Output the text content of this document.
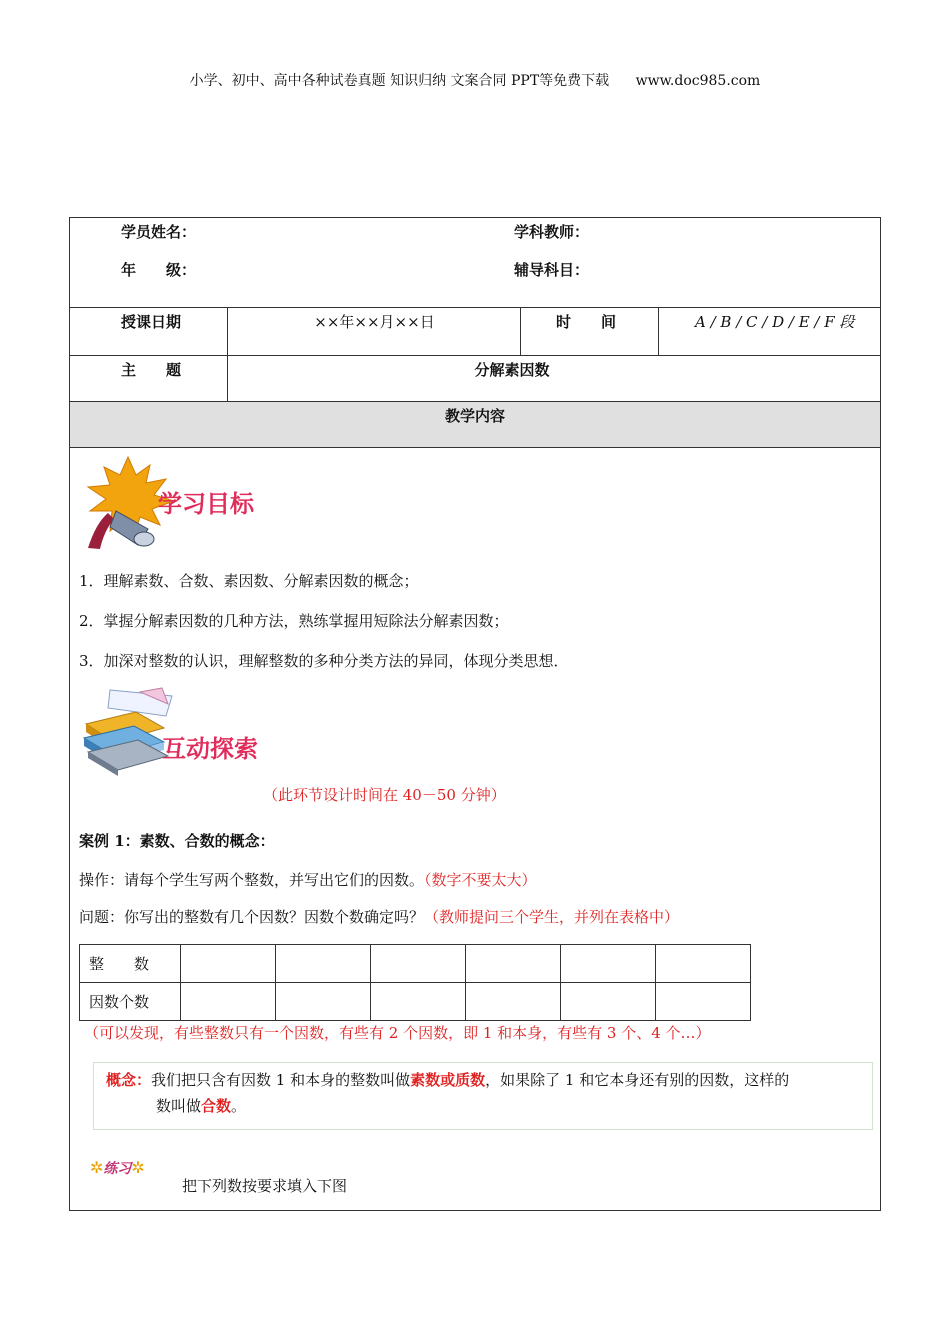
小学、初中、高中各种试卷真题 知识归纳 文案合同 PPT等免费下载 www.doc985.com
学员姓名：	学科教师：
年　　级：	辅导科目：
授课日期	××年××月××日	时　　间	A / B / C / D / E / F 段
主　　题	分解素因数
教学内容
学习目标
1．理解素数、合数、素因数、分解素因数的概念；
2．掌握分解素因数的几种方法，熟练掌握用短除法分解素因数；
3．加深对整数的认识，理解整数的多种分类方法的异同，体现分类思想．
互动探索
（此环节设计时间在 40－50 分钟）
案例 1：素数、合数的概念：
操作：请每个学生写两个整数，并写出它们的因数。（数字不要太大）
问题：你写出的整数有几个因数？因数个数确定吗？（教师提问三个学生，并列在表格中）
整　　数						
因数个数						
（可以发现，有些整数只有一个因数，有些有 2 个因数，即 1 和本身，有些有 3 个、4 个…）
概念：我们把只含有因数 1 和本身的整数叫做素数或质数，如果除了 1 和它本身还有别的因数，这样的
数叫做合数。
✲练习✲
把下列数按要求填入下图
